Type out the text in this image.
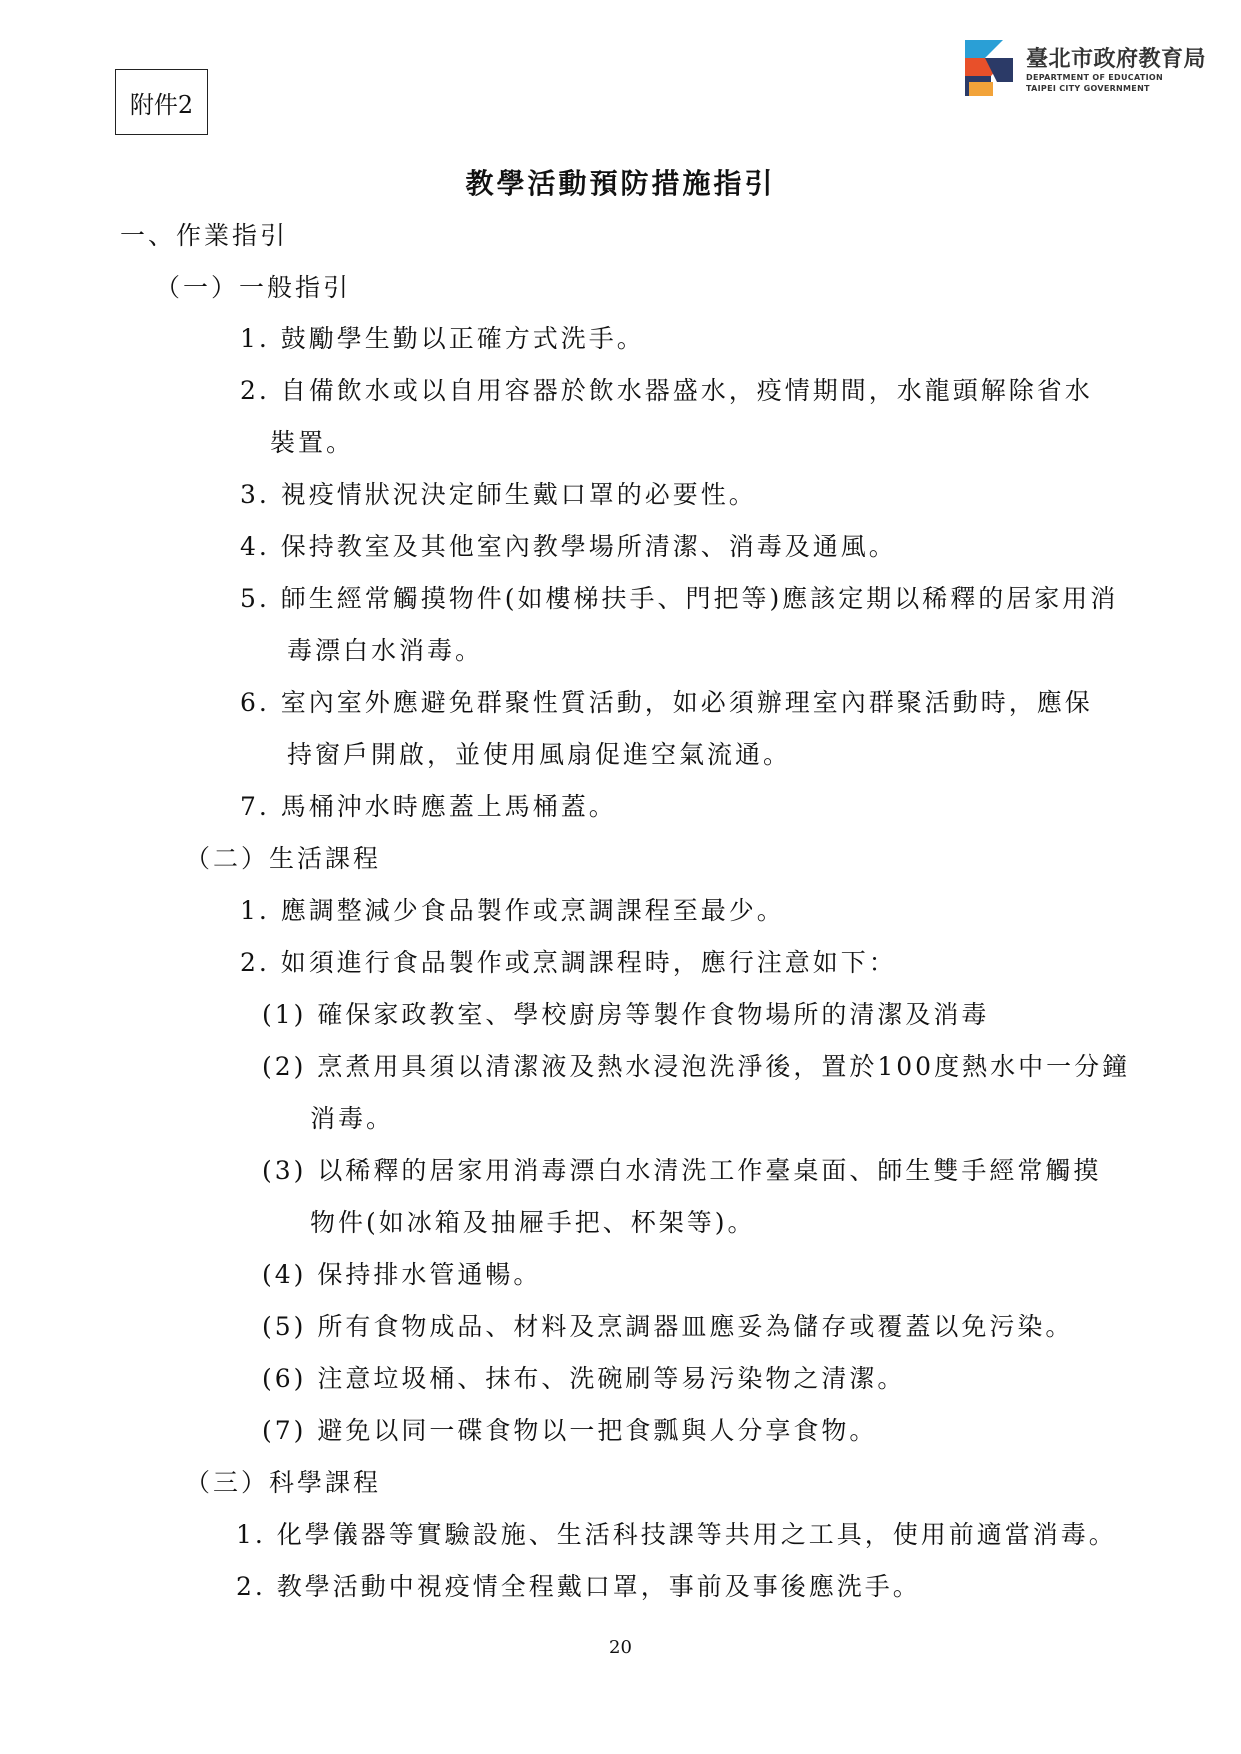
附件2
臺北市政府教育局
DEPARTMENT OF EDUCATION
TAIPEI CITY GOVERNMENT
教學活動預防措施指引
一、作業指引
（一）一般指引
1. 鼓勵學生勤以正確方式洗手。
2. 自備飲水或以自用容器於飲水器盛水，疫情期間，水龍頭解除省水
裝置。
3. 視疫情狀況決定師生戴口罩的必要性。
4. 保持教室及其他室內教學場所清潔、消毒及通風。
5. 師生經常觸摸物件(如樓梯扶手、門把等)應該定期以稀釋的居家用消
毒漂白水消毒。
6. 室內室外應避免群聚性質活動，如必須辦理室內群聚活動時，應保
持窗戶開啟，並使用風扇促進空氣流通。
7. 馬桶沖水時應蓋上馬桶蓋。
（二）生活課程
1. 應調整減少食品製作或烹調課程至最少。
2. 如須進行食品製作或烹調課程時，應行注意如下：
(1) 確保家政教室、學校廚房等製作食物場所的清潔及消毒
(2) 烹煮用具須以清潔液及熱水浸泡洗淨後，置於100度熱水中一分鐘
消毒。
(3) 以稀釋的居家用消毒漂白水清洗工作臺桌面、師生雙手經常觸摸
物件(如冰箱及抽屜手把、杯架等)。
(4) 保持排水管通暢。
(5) 所有食物成品、材料及烹調器皿應妥為儲存或覆蓋以免污染。
(6) 注意垃圾桶、抹布、洗碗刷等易污染物之清潔。
(7) 避免以同一碟食物以一把食瓢與人分享食物。
（三）科學課程
1. 化學儀器等實驗設施、生活科技課等共用之工具，使用前適當消毒。
2. 教學活動中視疫情全程戴口罩，事前及事後應洗手。
20
